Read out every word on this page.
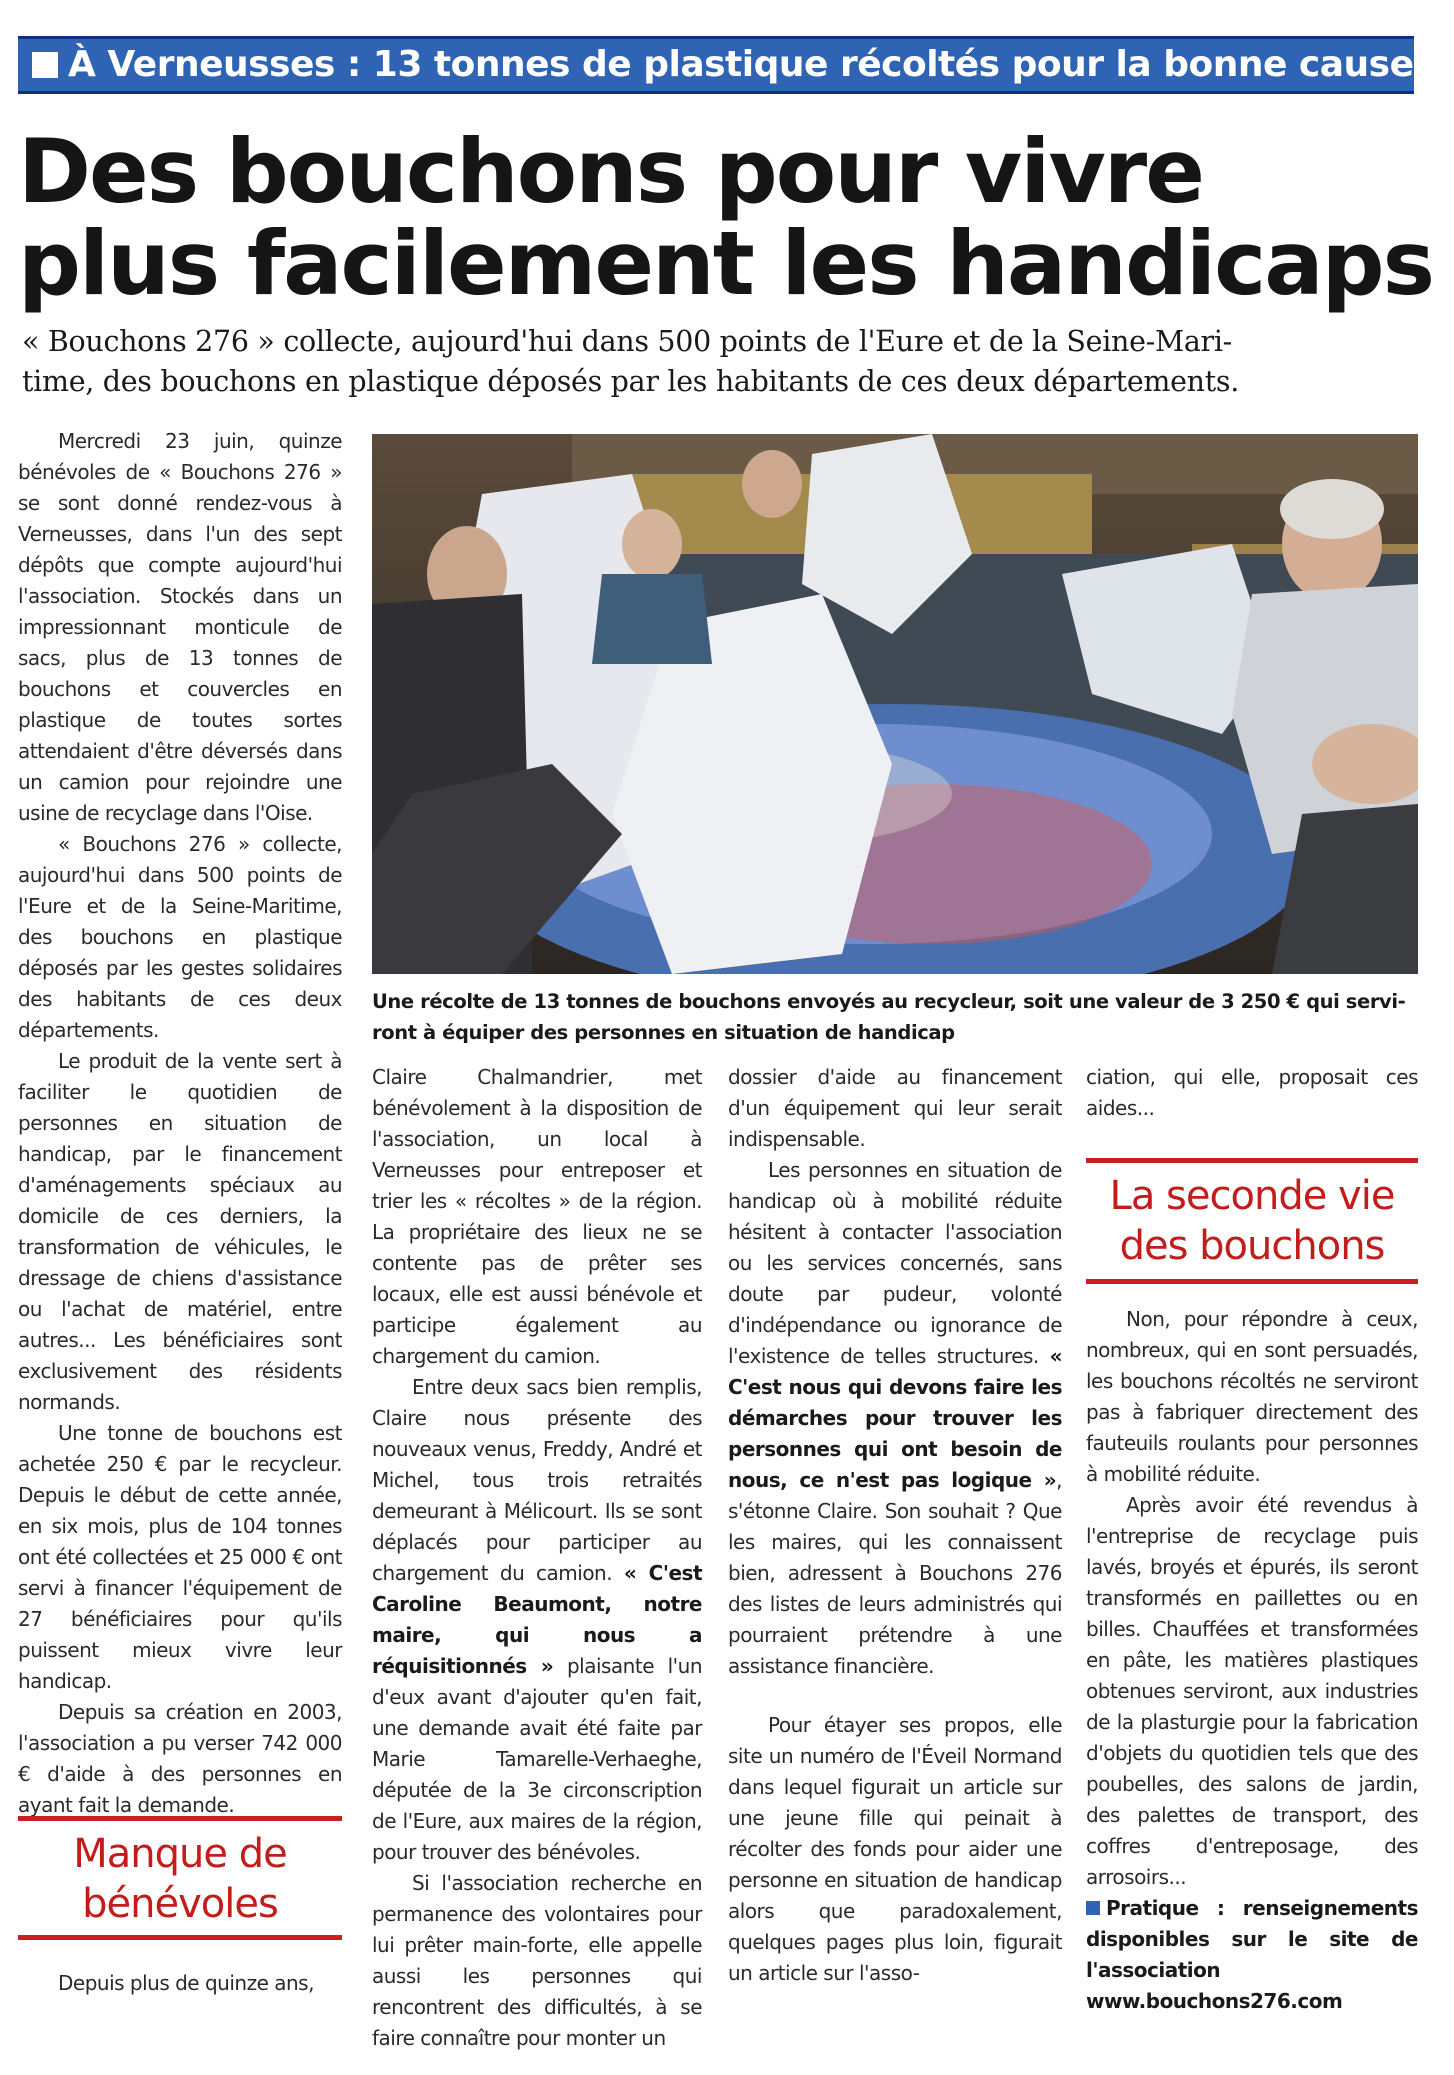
À Verneusses : 13 tonnes de plastique récoltés pour la bonne cause
Des bouchons pour vivre
plus facilement les handicaps
« Bouchons 276 » collecte, aujourd'hui dans 500 points de l'Eure et de la Seine-Mari-
time, des bouchons en plastique déposés par les habitants de ces deux départements.

Mercredi 23 juin, quinze bénévoles de « Bouchons 276 » se sont donné rendez-vous à Verneusses, dans l'un des sept dépôts que compte aujourd'hui l'association. Stockés dans un impressionnant monticule de sacs, plus de 13 tonnes de bouchons et couvercles en plastique de toutes sortes attendaient d'être déversés dans un camion pour rejoindre une usine de recyclage dans l'Oise.

« Bouchons 276 » collecte, aujourd'hui dans 500 points de l'Eure et de la Seine-Maritime, des bouchons en plastique déposés par les gestes solidaires des habitants de ces deux départements.

Le produit de la vente sert à faciliter le quotidien de personnes en situation de handicap, par le financement d'aménagements spéciaux au domicile de ces derniers, la transformation de véhicules, le dressage de chiens d'assistance ou l'achat de matériel, entre autres... Les bénéficiaires sont exclusivement des résidents normands.

Une tonne de bouchons est achetée 250 € par le recycleur. Depuis le début de cette année, en six mois, plus de 104 tonnes ont été collectées et 25 000 € ont servi à financer l'équipement de 27 bénéficiaires pour qu'ils puissent mieux vivre leur handicap.

Depuis sa création en 2003, l'association a pu verser 742 000 € d'aide à des personnes en ayant fait la demande.

Manque de
bénévoles
Depuis plus de quinze ans,
Une récolte de 13 tonnes de bouchons envoyés au recycleur, soit une valeur de 3 250 € qui servi-
ront à équiper des personnes en situation de handicap

Claire Chalmandrier, met bénévolement à la disposition de l'association, un local à Verneusses pour entreposer et trier les « récoltes » de la région. La propriétaire des lieux ne se contente pas de prêter ses locaux, elle est aussi bénévole et participe également au chargement du camion.

Entre deux sacs bien remplis, Claire nous présente des nouveaux venus, Freddy, André et Michel, tous trois retraités demeurant à Mélicourt. Ils se sont déplacés pour participer au chargement du camion. « C'est Caroline Beaumont, notre maire, qui nous a réquisitionnés » plaisante l'un d'eux avant d'ajouter qu'en fait, une demande avait été faite par Marie Tamarelle-Verhaeghe, députée de la 3e circonscription de l'Eure, aux maires de la région, pour trouver des bénévoles.

Si l'association recherche en permanence des volontaires pour lui prêter main-forte, elle appelle aussi les personnes qui rencontrent des difficultés, à se faire connaître pour monter un

dossier d'aide au financement d'un équipement qui leur serait indispensable.

Les personnes en situation de handicap où à mobilité réduite hésitent à contacter l'association ou les services concernés, sans doute par pudeur, volonté d'indépendance ou ignorance de l'existence de telles structures. « C'est nous qui devons faire les démarches pour trouver les personnes qui ont besoin de nous, ce n'est pas logique », s'étonne Claire. Son souhait ? Que les maires, qui les connaissent bien, adressent à Bouchons 276 des listes de leurs administrés qui pourraient prétendre à une assistance financière.

Pour étayer ses propos, elle site un numéro de l'Éveil Normand dans lequel figurait un article sur une jeune fille qui peinait à récolter des fonds pour aider une personne en situation de handicap alors que paradoxalement, quelques pages plus loin, figurait un article sur l'asso-

ciation, qui elle, proposait ces aides...

La seconde vie
des bouchons

Non, pour répondre à ceux, nombreux, qui en sont persuadés, les bouchons récoltés ne serviront pas à fabriquer directement des fauteuils roulants pour personnes à mobilité réduite.

Après avoir été revendus à l'entreprise de recyclage puis lavés, broyés et épurés, ils seront transformés en paillettes ou en billes. Chauffées et transformées en pâte, les matières plastiques obtenues serviront, aux industries de la plasturgie pour la fabrication d'objets du quotidien tels que des poubelles, des salons de jardin, des palettes de transport, des coffres d'entreposage, des arrosoirs...

Pratique : renseignements disponibles sur le site de l'association www.bouchons276.com
